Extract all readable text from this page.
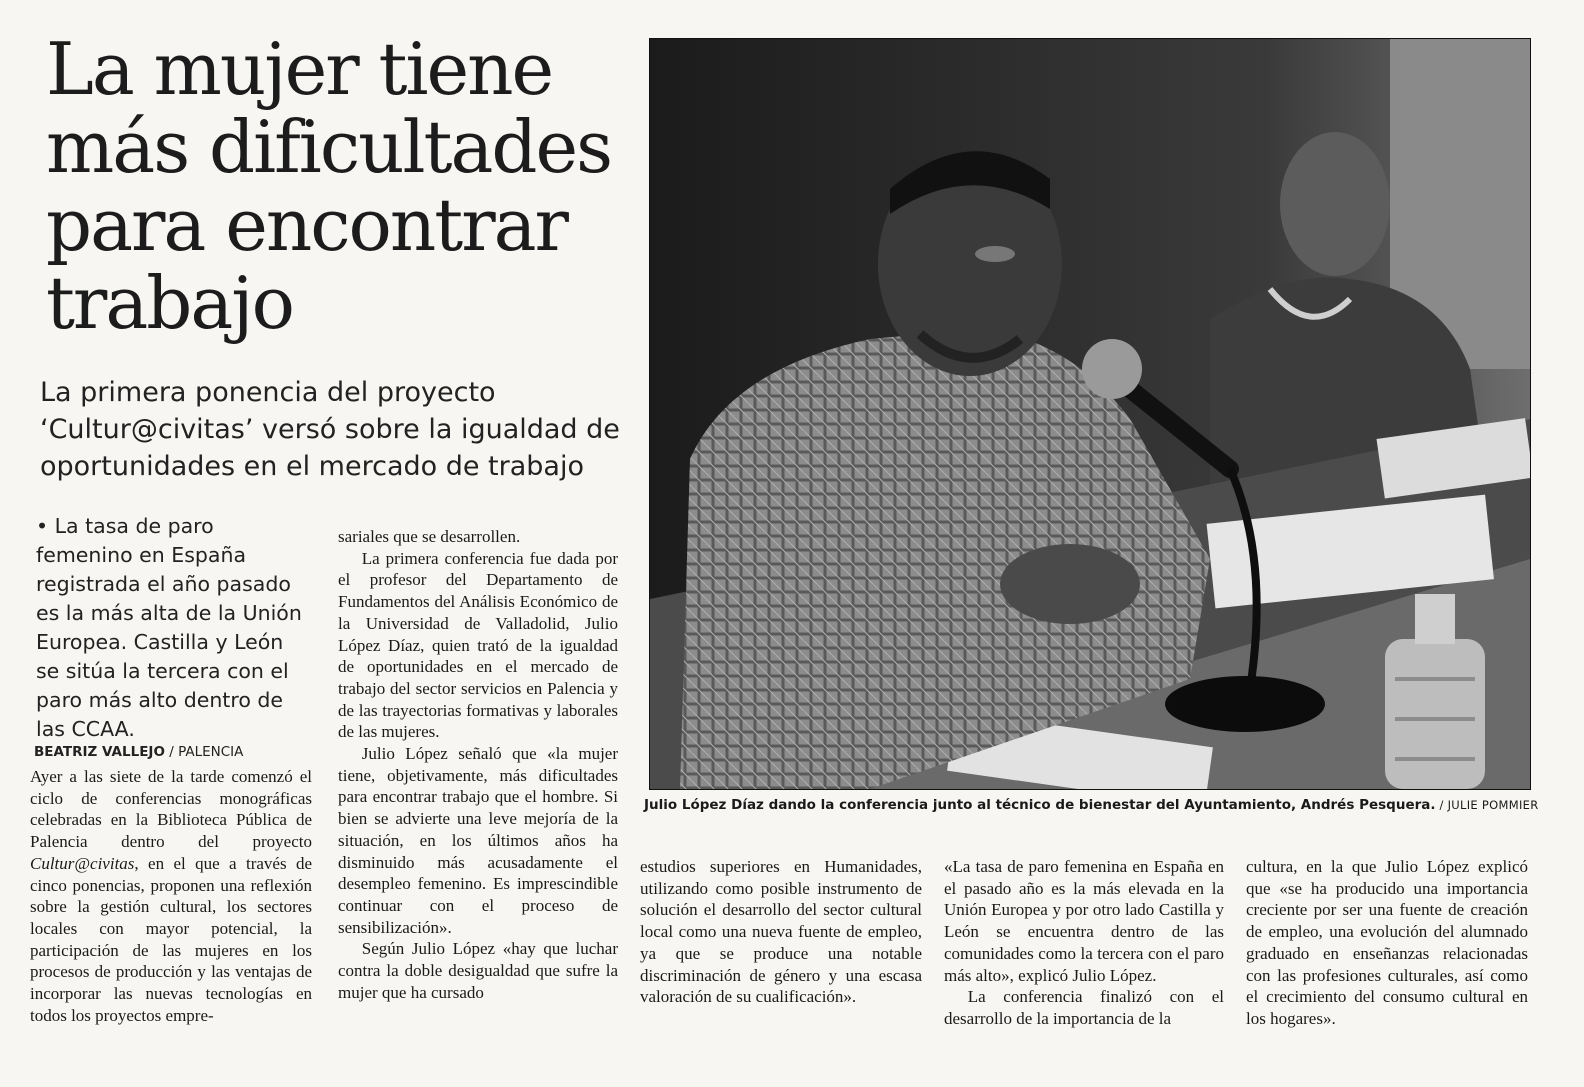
La mujer tiene más dificultades para encontrar trabajo

La primera ponencia del proyecto ‘Cultur@civitas’ versó sobre la igualdad de oportunidades en el mercado de trabajo

• La tasa de paro femenino en España registrada el año pasado es la más alta de la Unión Europea. Castilla y León se sitúa la tercera con el paro más alto dentro de las CCAA.

BEATRIZ VALLEJO / PALENCIA

Ayer a las siete de la tarde comenzó el ciclo de conferencias monográficas celebradas en la Biblioteca Pública de Palencia dentro del proyecto Cultur@civitas, en el que a través de cinco ponencias, proponen una reflexión sobre la gestión cultural, los sectores locales con mayor potencial, la participación de las mujeres en los procesos de producción y las ventajas de incorporar las nuevas tecnologías en todos los proyectos empre-

sariales que se desarrollen.

La primera conferencia fue dada por el profesor del Departamento de Fundamentos del Análisis Económico de la Universidad de Valladolid, Julio López Díaz, quien trató de la igualdad de oportunidades en el mercado de trabajo del sector servicios en Palencia y de las trayectorias formativas y laborales de las mujeres.

Julio López señaló que «la mujer tiene, objetivamente, más dificultades para encontrar trabajo que el hombre. Si bien se advierte una leve mejoría de la situación, en los últimos años ha disminuido más acusadamente el desempleo femenino. Es imprescindible continuar con el proceso de sensibilización».

Según Julio López «hay que luchar contra la doble desigualdad que sufre la mujer que ha cursado

Julio López Díaz dando la conferencia junto al técnico de bienestar del Ayuntamiento, Andrés Pesquera. / JULIE POMMIER

estudios superiores en Humanidades, utilizando como posible instrumento de solución el desarrollo del sector cultural local como una nueva fuente de empleo, ya que se produce una notable discriminación de género y una escasa valoración de su cualificación».

«La tasa de paro femenina en España en el pasado año es la más elevada en la Unión Europea y por otro lado Castilla y León se encuentra dentro de las comunidades como la tercera con el paro más alto», explicó Julio López.

La conferencia finalizó con el desarrollo de la importancia de la

cultura, en la que Julio López explicó que «se ha producido una importancia creciente por ser una fuente de creación de empleo, una evolución del alumnado graduado en enseñanzas relacionadas con las profesiones culturales, así como el crecimiento del consumo cultural en los hogares».
